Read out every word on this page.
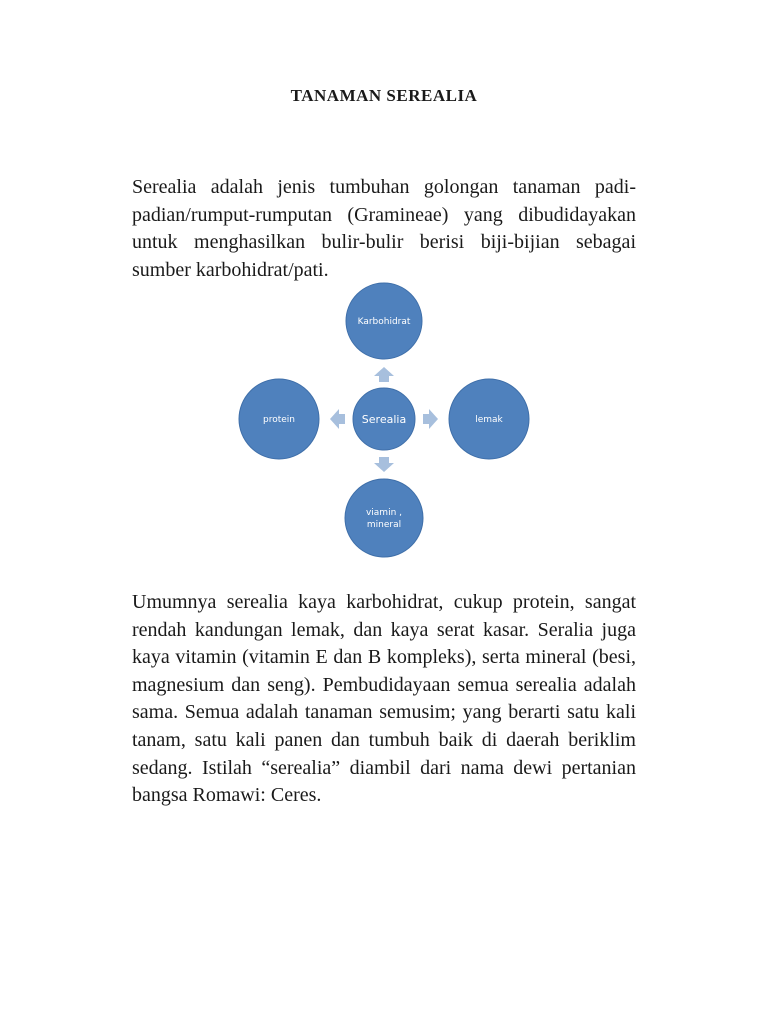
TANAMAN SEREALIA

Serealia adalah jenis tumbuhan golongan tanaman padi-padian/rumput-rumputan (Gramineae) yang dibudidayakan untuk menghasilkan bulir-bulir berisi biji-bijian sebagai sumber karbohidrat/pati.

Karbohidrat
lemak
viamin ,
mineral
protein	Serealia

Umumnya serealia kaya karbohidrat, cukup protein, sangat rendah kandungan lemak, dan kaya serat kasar. Seralia juga kaya vitamin (vitamin E dan B kompleks), serta mineral (besi, magnesium dan seng). Pembudidayaan semua serealia adalah sama. Semua adalah tanaman semusim; yang berarti satu kali tanam, satu kali panen dan tumbuh baik di daerah beriklim sedang. Istilah “serealia” diambil dari nama dewi pertanian bangsa Romawi: Ceres.
